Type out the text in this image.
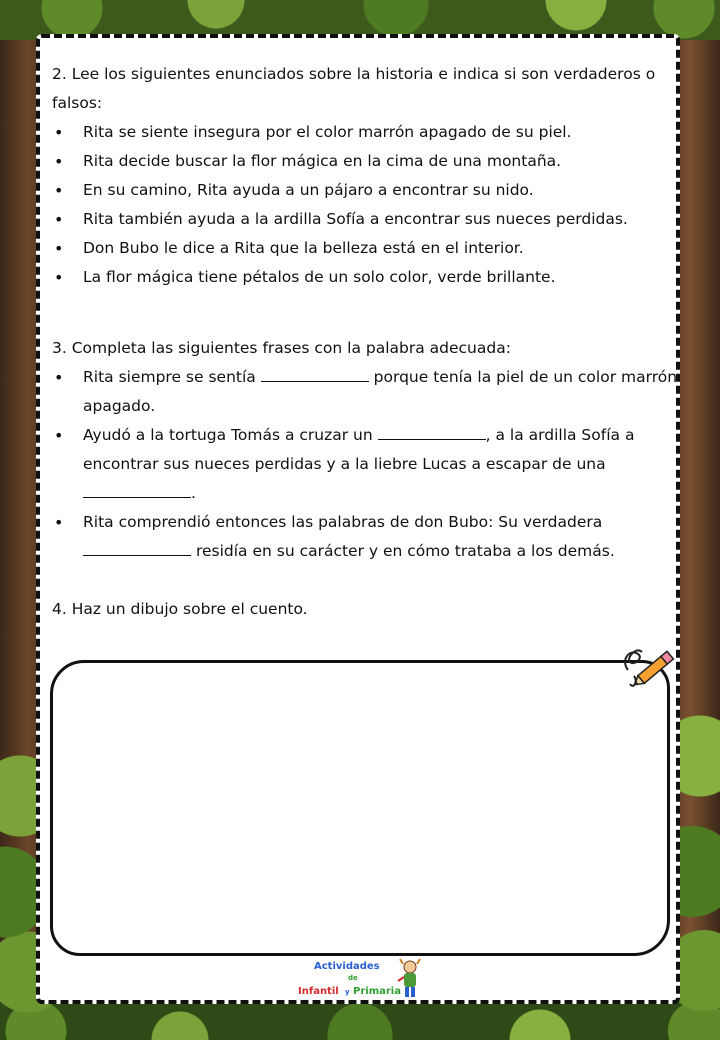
2. Lee los siguientes enunciados sobre la historia e indica si son verdaderos o falsos:

• Rita se siente insegura por el color marrón apagado de su piel.
• Rita decide buscar la flor mágica en la cima de una montaña.
• En su camino, Rita ayuda a un pájaro a encontrar su nido.
• Rita también ayuda a la ardilla Sofía a encontrar sus nueces perdidas.
• Don Bubo le dice a Rita que la belleza está en el interior.
• La flor mágica tiene pétalos de un solo color, verde brillante.

3. Completa las siguientes frases con la palabra adecuada:

• Rita siempre se sentía	porque tenía la piel de un color marrón apagado.
• Ayudó a la tortuga Tomás a cruzar un	, a la ardilla Sofía a encontrar sus nueces perdidas y a la liebre Lucas a escapar de una .
• Rita comprendió entonces las palabras de don Bubo: Su verdadera  residía en su carácter y en cómo trataba a los demás.

4. Haz un dibujo sobre el cuento.

Actividades
de
Infantil y Primaria
